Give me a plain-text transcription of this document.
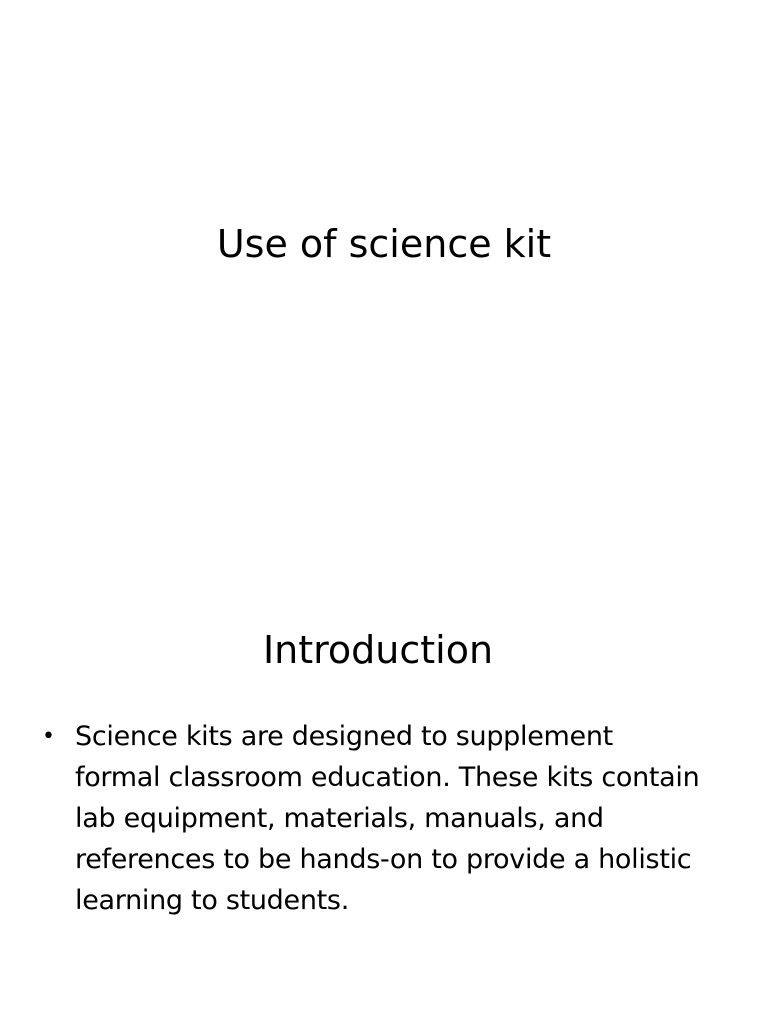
Use of science kit
Introduction
• Science kits are designed to supplement formal classroom education. These kits contain lab equipment, materials, manuals, and references to be hands-on to provide a holistic learning to students.
